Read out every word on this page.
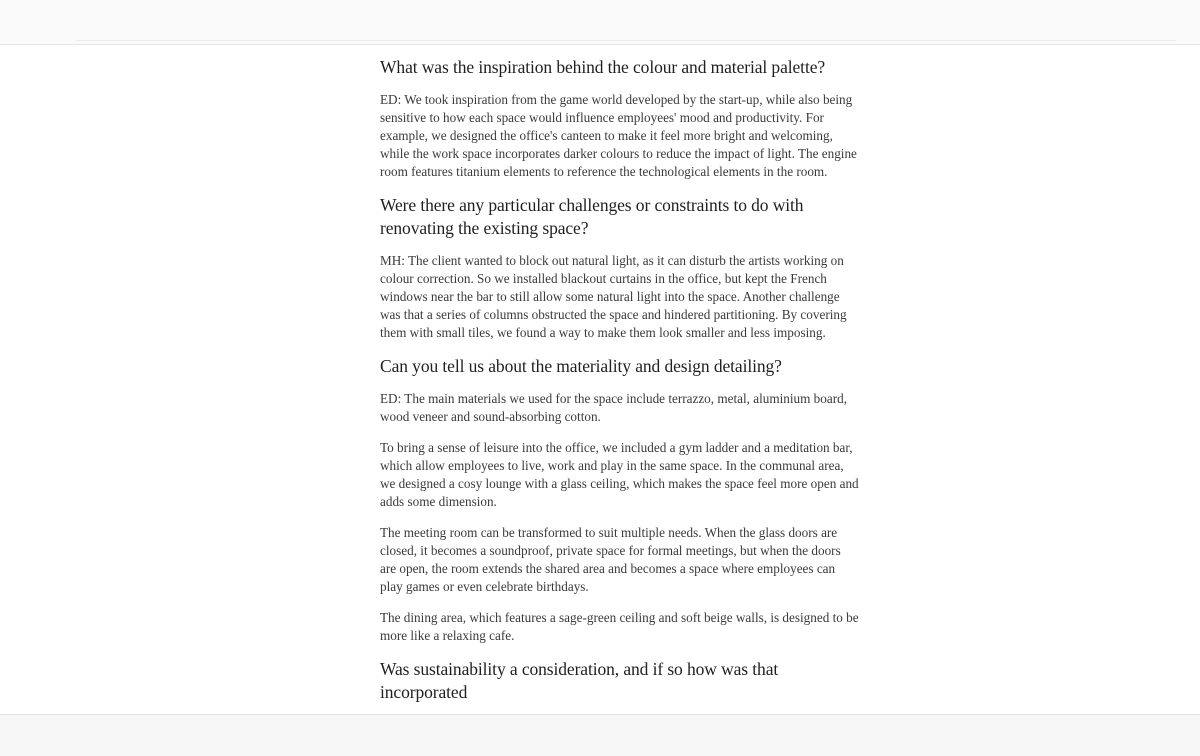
What was the inspiration behind the colour and material palette?

ED: We took inspiration from the game world developed by the start-up, while also being sensitive to how each space would influence employees' mood and productivity. For example, we designed the office's canteen to make it feel more bright and welcoming, while the work space incorporates darker colours to reduce the impact of light. The engine room features titanium elements to reference the technological elements in the room.

Were there any particular challenges or constraints to do with renovating the existing space?

MH: The client wanted to block out natural light, as it can disturb the artists working on colour correction. So we installed blackout curtains in the office, but kept the French windows near the bar to still allow some natural light into the space. Another challenge was that a series of columns obstructed the space and hindered partitioning. By covering them with small tiles, we found a way to make them look smaller and less imposing.

Can you tell us about the materiality and design detailing?

ED: The main materials we used for the space include terrazzo, metal, aluminium board, wood veneer and sound-absorbing cotton.

To bring a sense of leisure into the office, we included a gym ladder and a meditation bar, which allow employees to live, work and play in the same space. In the communal area, we designed a cosy lounge with a glass ceiling, which makes the space feel more open and adds some dimension.

The meeting room can be transformed to suit multiple needs. When the glass doors are closed, it becomes a soundproof, private space for formal meetings, but when the doors are open, the room extends the shared area and becomes a space where employees can play games or even celebrate birthdays.

The dining area, which features a sage-green ceiling and soft beige walls, is designed to be more like a relaxing cafe.

Was sustainability a consideration, and if so how was that incorporated
